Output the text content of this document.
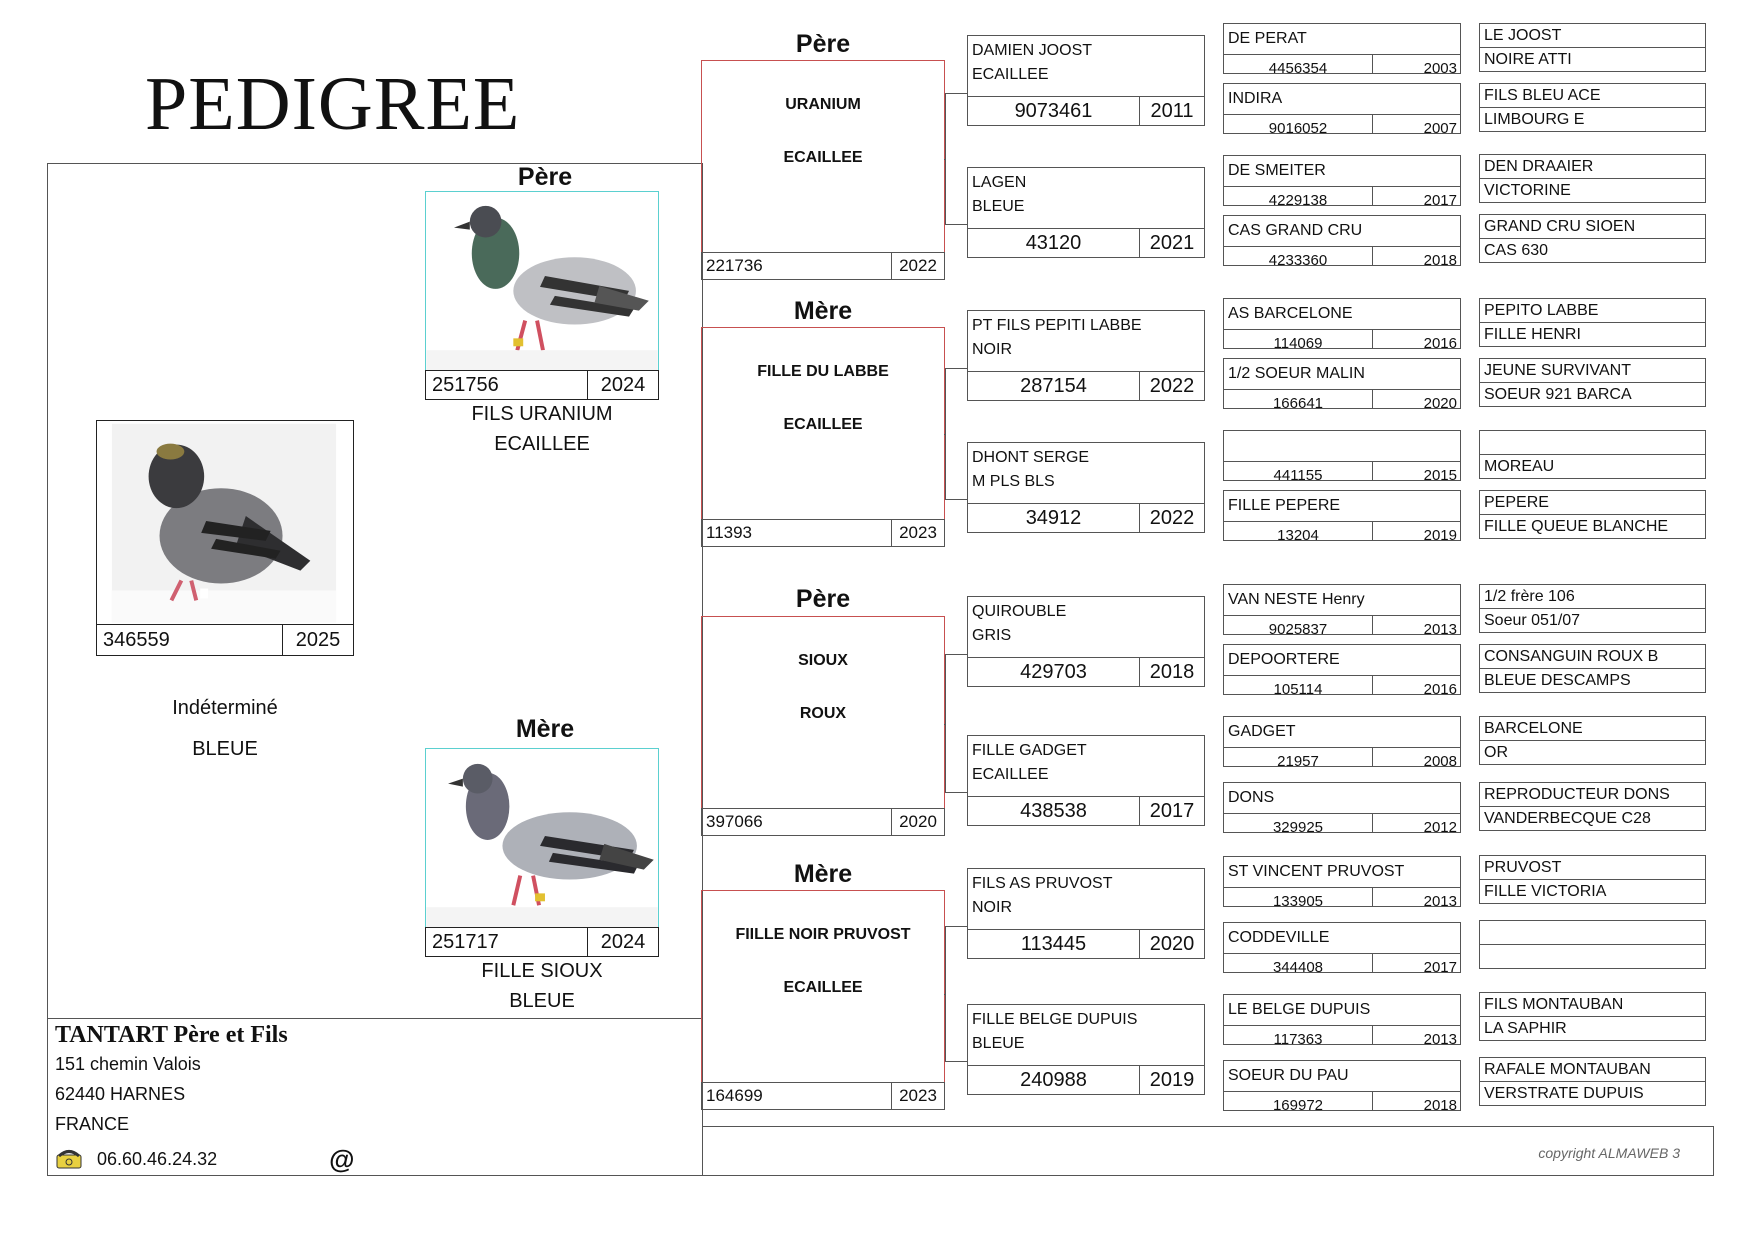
PEDIGREE
346559	2025
Indéterminé
BLEUE
Père
251756	2024
FILS URANIUM
ECAILLEE
Mère
251717	2024
FILLE SIOUX
BLEUE
Père
URANIUM
ECAILLEE
221736	2022
Mère
FILLE DU LABBE
ECAILLEE
11393	2023
Père
SIOUX
ROUX
397066	2020
Mère
FIILLE NOIR PRUVOST
ECAILLEE
164699	2023
DAMIEN JOOST
ECAILLEE
9073461	2011
LAGEN
BLEUE
43120	2021
PT FILS PEPITI LABBE
NOIR
287154	2022
DHONT SERGE
M PLS BLS
34912	2022
QUIROUBLE
GRIS
429703	2018
FILLE GADGET
ECAILLEE
438538	2017
FILS AS PRUVOST
NOIR
113445	2020
FILLE BELGE DUPUIS
BLEUE
240988	2019
DE PERAT
4456354	2003
INDIRA
9016052	2007
DE SMEITER
4229138	2017
CAS GRAND CRU
4233360	2018
AS BARCELONE
114069	2016
1/2 SOEUR MALIN
166641	2020
441155	2015
FILLE PEPERE
13204	2019
VAN NESTE Henry
9025837	2013
DEPOORTERE
105114	2016
GADGET
21957	2008
DONS
329925	2012
ST VINCENT PRUVOST
133905	2013
CODDEVILLE
344408	2017
LE BELGE DUPUIS
117363	2013
SOEUR DU PAU
169972	2018
LE JOOST
NOIRE ATTI
FILS BLEU ACE
LIMBOURG E
DEN DRAAIER
VICTORINE
GRAND CRU SIOEN
CAS 630
PEPITO LABBE
FILLE HENRI
JEUNE SURVIVANT
SOEUR 921 BARCA
MOREAU
PEPERE
FILLE QUEUE BLANCHE
1/2 frère 106
Soeur 051/07
CONSANGUIN ROUX B
BLEUE DESCAMPS
BARCELONE
OR
REPRODUCTEUR DONS
VANDERBECQUE C28
PRUVOST
FILLE VICTORIA
FILS MONTAUBAN
LA SAPHIR
RAFALE MONTAUBAN
VERSTRATE DUPUIS
TANTART Père et Fils
151 chemin Valois
62440 HARNES
FRANCE
06.60.46.24.32	@	copyright ALMAWEB 3
